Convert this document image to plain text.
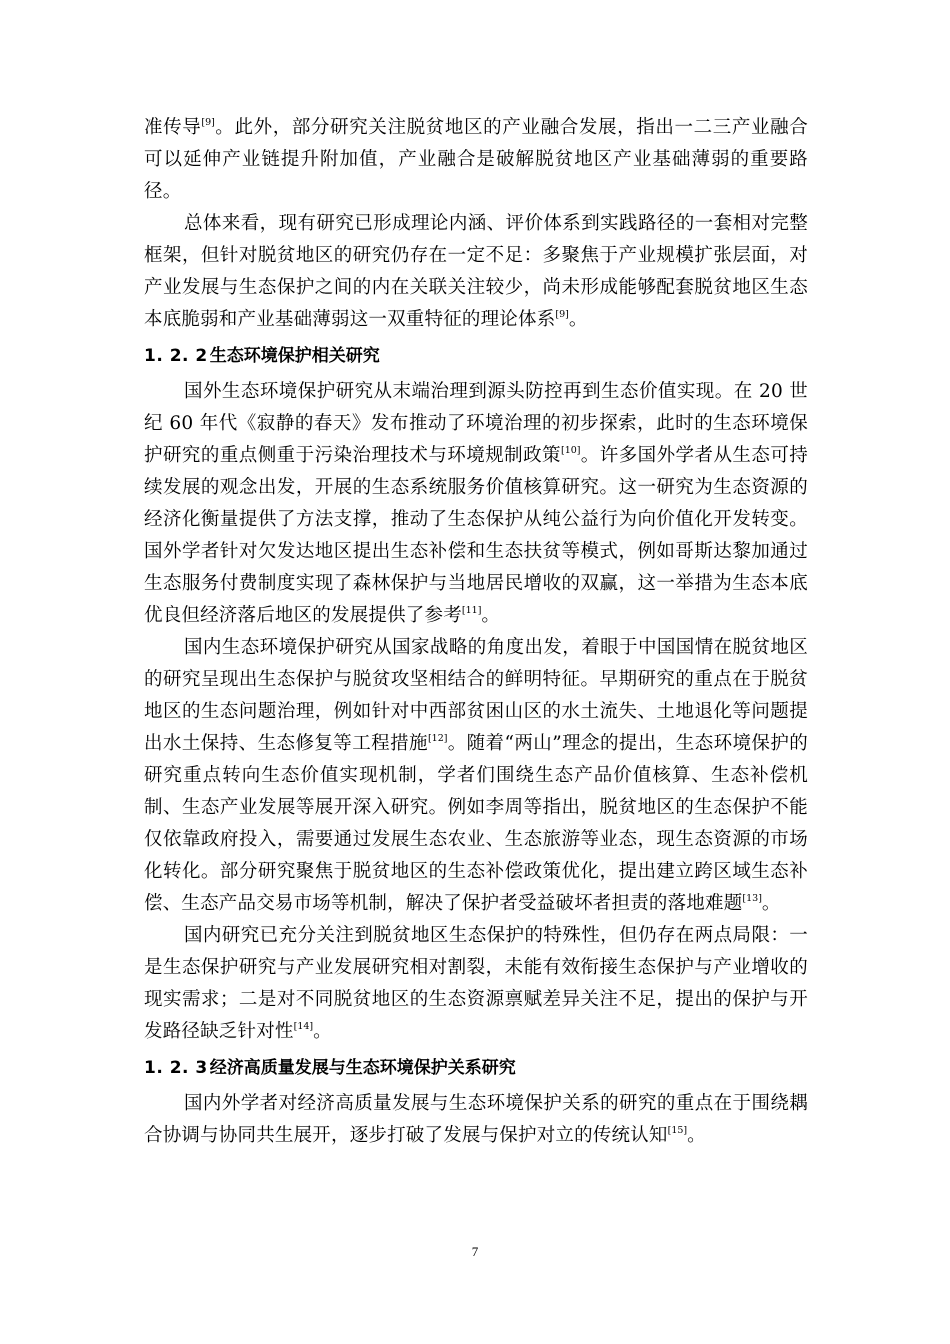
准传导[9]。此外，部分研究关注脱贫地区的产业融合发展，指出一二三产业融合可以延伸产业链提升附加值，产业融合是破解脱贫地区产业基础薄弱的重要路径。

总体来看，现有研究已形成理论内涵、评价体系到实践路径的一套相对完整框架，但针对脱贫地区的研究仍存在一定不足：多聚焦于产业规模扩张层面，对产业发展与生态保护之间的内在关联关注较少，尚未形成能够配套脱贫地区生态本底脆弱和产业基础薄弱这一双重特征的理论体系[9]。

1. 2. 2 生态环境保护相关研究

国外生态环境保护研究从末端治理到源头防控再到生态价值实现。在 20 世纪 60 年代《寂静的春天》发布推动了环境治理的初步探索，此时的生态环境保护研究的重点侧重于污染治理技术与环境规制政策[10]。许多国外学者从生态可持续发展的观念出发，开展的生态系统服务价值核算研究。这一研究为生态资源的经济化衡量提供了方法支撑，推动了生态保护从纯公益行为向价值化开发转变。国外学者针对欠发达地区提出生态补偿和生态扶贫等模式，例如哥斯达黎加通过生态服务付费制度实现了森林保护与当地居民增收的双赢，这一举措为生态本底优良但经济落后地区的发展提供了参考[11]。

国内生态环境保护研究从国家战略的角度出发，着眼于中国国情在脱贫地区的研究呈现出生态保护与脱贫攻坚相结合的鲜明特征。早期研究的重点在于脱贫地区的生态问题治理，例如针对中西部贫困山区的水土流失、土地退化等问题提出水土保持、生态修复等工程措施[12]。随着“两山”理念的提出，生态环境保护的研究重点转向生态价值实现机制，学者们围绕生态产品价值核算、生态补偿机制、生态产业发展等展开深入研究。例如李周等指出，脱贫地区的生态保护不能仅依靠政府投入，需要通过发展生态农业、生态旅游等业态，现生态资源的市场化转化。部分研究聚焦于脱贫地区的生态补偿政策优化，提出建立跨区域生态补偿、生态产品交易市场等机制，解决了保护者受益破坏者担责的落地难题[13]。

国内研究已充分关注到脱贫地区生态保护的特殊性，但仍存在两点局限：一是生态保护研究与产业发展研究相对割裂，未能有效衔接生态保护与产业增收的现实需求；二是对不同脱贫地区的生态资源禀赋差异关注不足，提出的保护与开发路径缺乏针对性[14]。

1. 2. 3 经济高质量发展与生态环境保护关系研究

国内外学者对经济高质量发展与生态环境保护关系的研究的重点在于围绕耦合协调与协同共生展开，逐步打破了发展与保护对立的传统认知[15]。

7
